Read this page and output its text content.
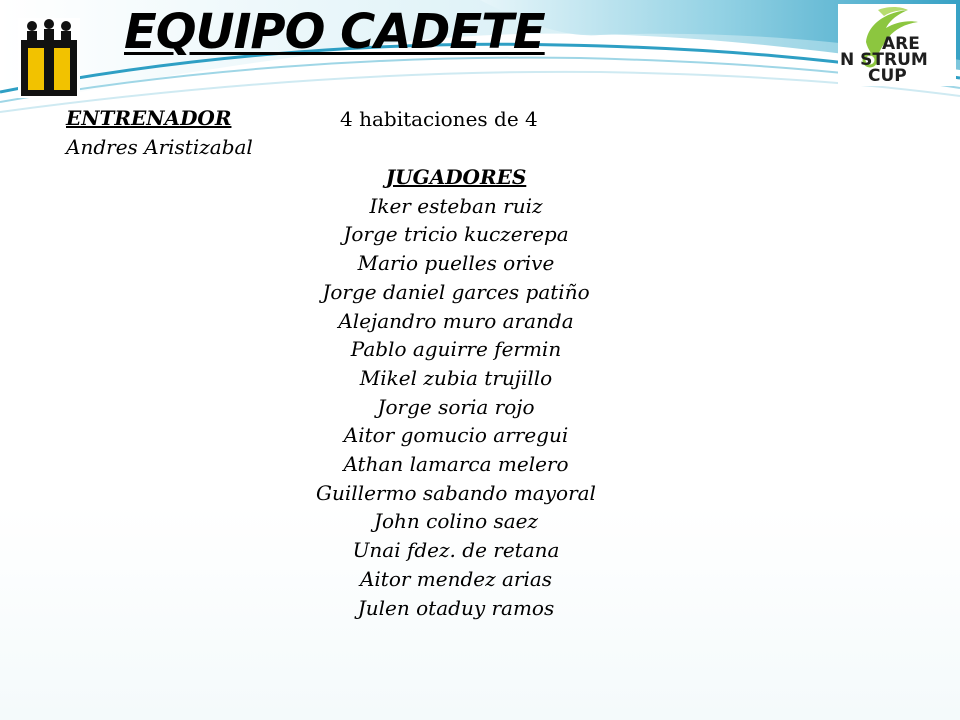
EQUIPO CADETE	ARE
N STRUM
CUP
ENTRENADOR	4 habitaciones de 4
Andres Aristizabal
JUGADORES
Iker esteban ruiz
Jorge tricio kuczerepa
Mario puelles orive
Jorge daniel garces patiño
Alejandro muro aranda
Pablo aguirre fermin
Mikel zubia trujillo
Jorge soria rojo
Aitor gomucio arregui
Athan lamarca melero
Guillermo sabando mayoral
John colino saez
Unai fdez. de retana
Aitor mendez arias
Julen otaduy ramos
